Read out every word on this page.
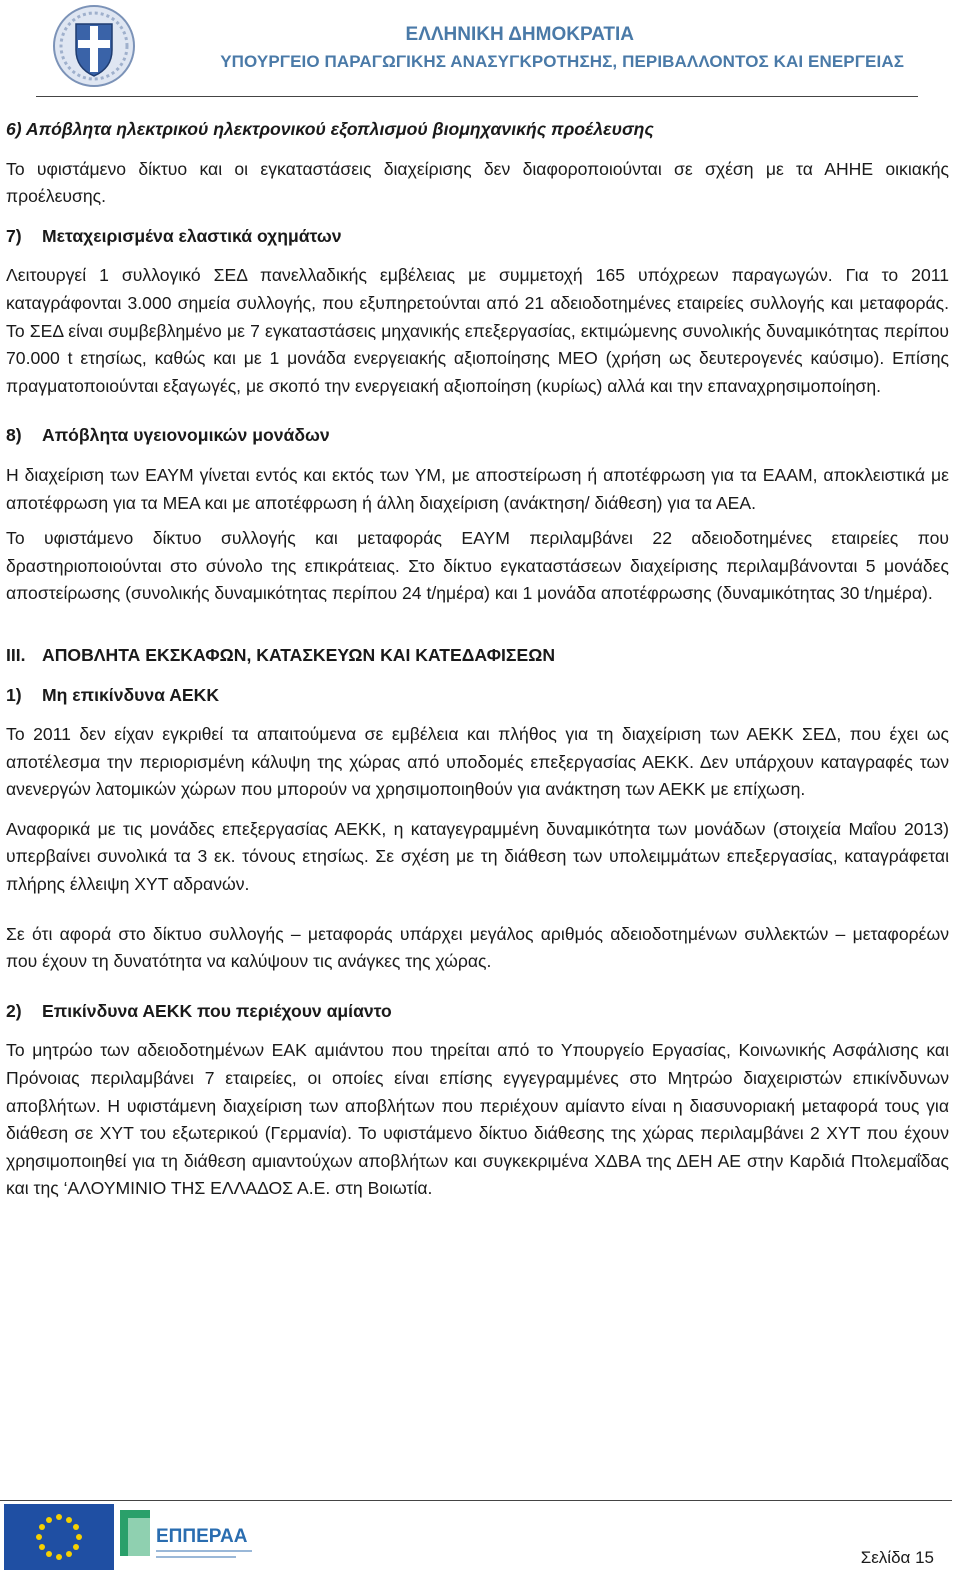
ΕΛΛΗΝΙΚΗ ΔΗΜΟΚΡΑΤΙΑ
ΥΠΟΥΡΓΕΙΟ ΠΑΡΑΓΩΓΙΚΗΣ ΑΝΑΣΥΓΚΡΟΤΗΣΗΣ, ΠΕΡΙΒΑΛΛΟΝΤΟΣ ΚΑΙ ΕΝΕΡΓΕΙΑΣ
6) Απόβλητα ηλεκτρικού ηλεκτρονικού εξοπλισμού βιομηχανικής προέλευσης

Το υφιστάμενο δίκτυο και οι εγκαταστάσεις διαχείρισης δεν διαφοροποιούνται σε σχέση με τα ΑΗΗΕ οικιακής προέλευσης.

7) Μεταχειρισμένα ελαστικά οχημάτων

Λειτουργεί 1 συλλογικό ΣΕΔ πανελλαδικής εμβέλειας με συμμετοχή 165 υπόχρεων παραγωγών. Για το 2011 καταγράφονται 3.000 σημεία συλλογής, που εξυπηρετούνται από 21 αδειοδοτημένες εταιρείες συλλογής και μεταφοράς. Το ΣΕΔ είναι συμβεβλημένο με 7 εγκαταστάσεις μηχανικής επεξεργασίας, εκτιμώμενης συνολικής δυναμικότητας περίπου 70.000 t ετησίως, καθώς και με 1 μονάδα ενεργειακής αξιοποίησης ΜΕΟ (χρήση ως δευτερογενές καύσιμο). Επίσης πραγματοποιούνται εξαγωγές, με σκοπό την ενεργειακή αξιοποίηση (κυρίως) αλλά και την επαναχρησιμοποίηση.

8) Απόβλητα υγειονομικών μονάδων

Η διαχείριση των ΕΑΥΜ γίνεται εντός και εκτός των ΥΜ, με αποστείρωση ή αποτέφρωση για τα ΕΑΑΜ, αποκλειστικά με αποτέφρωση για τα ΜΕΑ και με αποτέφρωση ή άλλη διαχείριση (ανάκτηση/ διάθεση) για τα ΑΕΑ.

Το υφιστάμενο δίκτυο συλλογής και μεταφοράς ΕΑΥΜ περιλαμβάνει 22 αδειοδοτημένες εταιρείες που δραστηριοποιούνται στο σύνολο της επικράτειας. Στο δίκτυο εγκαταστάσεων διαχείρισης περιλαμβάνονται 5 μονάδες αποστείρωσης (συνολικής δυναμικότητας περίπου 24 t/ημέρα) και 1 μονάδα αποτέφρωσης (δυναμικότητας 30 t/ημέρα).

III. ΑΠΟΒΛΗΤΑ ΕΚΣΚΑΦΩΝ, ΚΑΤΑΣΚΕΥΩΝ ΚΑΙ ΚΑΤΕΔΑΦΙΣΕΩΝ
1) Μη επικίνδυνα ΑΕΚΚ

Το 2011 δεν είχαν εγκριθεί τα απαιτούμενα σε εμβέλεια και πλήθος για τη διαχείριση των ΑΕΚΚ ΣΕΔ, που έχει ως αποτέλεσμα την περιορισμένη κάλυψη της χώρας από υποδομές επεξεργασίας ΑΕΚΚ. Δεν υπάρχουν καταγραφές των ανενεργών λατομικών χώρων που μπορούν να χρησιμοποιηθούν για ανάκτηση των ΑΕΚΚ με επίχωση.

Αναφορικά με τις μονάδες επεξεργασίας ΑΕΚΚ, η καταγεγραμμένη δυναμικότητα των μονάδων (στοιχεία Μαΐου 2013) υπερβαίνει συνολικά τα 3 εκ. τόνους ετησίως. Σε σχέση με τη διάθεση των υπολειμμάτων επεξεργασίας, καταγράφεται πλήρης έλλειψη ΧΥΤ αδρανών.

Σε ότι αφορά στο δίκτυο συλλογής – μεταφοράς υπάρχει μεγάλος αριθμός αδειοδοτημένων συλλεκτών – μεταφορέων που έχουν τη δυνατότητα να καλύψουν τις ανάγκες της χώρας.

2) Επικίνδυνα ΑΕΚΚ που περιέχουν αμίαντο

Το μητρώο των αδειοδοτημένων ΕΑΚ αμιάντου που τηρείται από το Υπουργείο Εργασίας, Κοινωνικής Ασφάλισης και Πρόνοιας περιλαμβάνει 7 εταιρείες, οι οποίες είναι επίσης εγγεγραμμένες στο Μητρώο διαχειριστών επικίνδυνων αποβλήτων. Η υφιστάμενη διαχείριση των αποβλήτων που περιέχουν αμίαντο είναι η διασυνοριακή μεταφορά τους για διάθεση σε ΧΥΤ του εξωτερικού (Γερμανία). Το υφιστάμενο δίκτυο διάθεσης της χώρας περιλαμβάνει 2 ΧΥΤ που έχουν χρησιμοποιηθεί για τη διάθεση αμιαντούχων αποβλήτων και συγκεκριμένα ΧΔΒΑ της ΔΕΗ ΑΕ στην Καρδιά Πτολεμαΐδας και της ‘ΑΛΟΥΜΙΝΙΟ ΤΗΣ ΕΛΛΑΔΟΣ Α.Ε. στη Βοιωτία.

ΕΠΠΕΡΑΑ
Σελίδα 15
